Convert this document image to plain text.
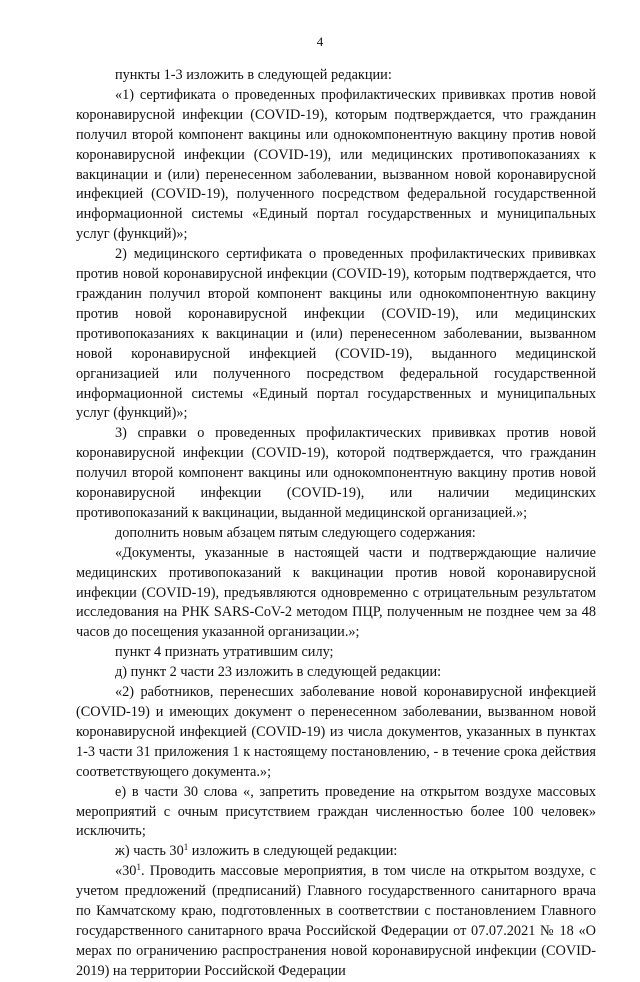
4

пункты 1-3 изложить в следующей редакции:

«1) сертификата о проведенных профилактических прививках против новой коронавирусной инфекции (COVID-19), которым подтверждается, что гражданин получил второй компонент вакцины или однокомпонентную вакцину против новой коронавирусной инфекции (COVID-19), или медицинских противопоказаниях к вакцинации и (или) перенесенном заболевании, вызванном новой коронавирусной инфекцией (COVID-19), полученного посредством федеральной государственной информационной системы «Единый портал государственных и муниципальных услуг (функций)»;

2) медицинского сертификата о проведенных профилактических прививках против новой коронавирусной инфекции (COVID-19), которым подтверждается, что гражданин получил второй компонент вакцины или однокомпонентную вакцину против новой коронавирусной инфекции (COVID-19), или медицинских противопоказаниях к вакцинации и (или) перенесенном заболевании, вызванном новой коронавирусной инфекцией (COVID-19), выданного медицинской организацией или полученного посредством федеральной государственной информационной системы «Единый портал государственных и муниципальных услуг (функций)»;

3) справки о проведенных профилактических прививках против новой коронавирусной инфекции (COVID-19), которой подтверждается, что гражданин получил второй компонент вакцины или однокомпонентную вакцину против новой коронавирусной инфекции (COVID-19), или наличии медицинских противопоказаний к вакцинации, выданной медицинской организацией.»;

дополнить новым абзацем пятым следующего содержания:

«Документы, указанные в настоящей части и подтверждающие наличие медицинских противопоказаний к вакцинации против новой коронавирусной инфекции (COVID-19), предъявляются одновременно с отрицательным результатом исследования на РНК SARS-CoV-2 методом ПЦР, полученным не позднее чем за 48 часов до посещения указанной организации.»;

пункт 4 признать утратившим силу;

д) пункт 2 части 23 изложить в следующей редакции:

«2) работников, перенесших заболевание новой коронавирусной инфекцией (COVID-19) и имеющих документ о перенесенном заболевании, вызванном новой коронавирусной инфекцией (COVID-19) из числа документов, указанных в пунктах 1-3 части 31 приложения 1 к настоящему постановлению, - в течение срока действия соответствующего документа.»;

е) в части 30 слова «, запретить проведение на открытом воздухе массовых мероприятий с очным присутствием граждан численностью более 100 человек» исключить;

ж) часть $30^1$ изложить в следующей редакции:

«$30^1$. Проводить массовые мероприятия, в том числе на открытом воздухе, с учетом предложений (предписаний) Главного государственного санитарного врача по Камчатскому краю, подготовленных в соответствии с постановлением Главного государственного санитарного врача Российской Федерации от 07.07.2021 № 18 «О мерах по ограничению распространения новой коронавирусной инфекции (COVID-2019) на территории Российской Федерации
